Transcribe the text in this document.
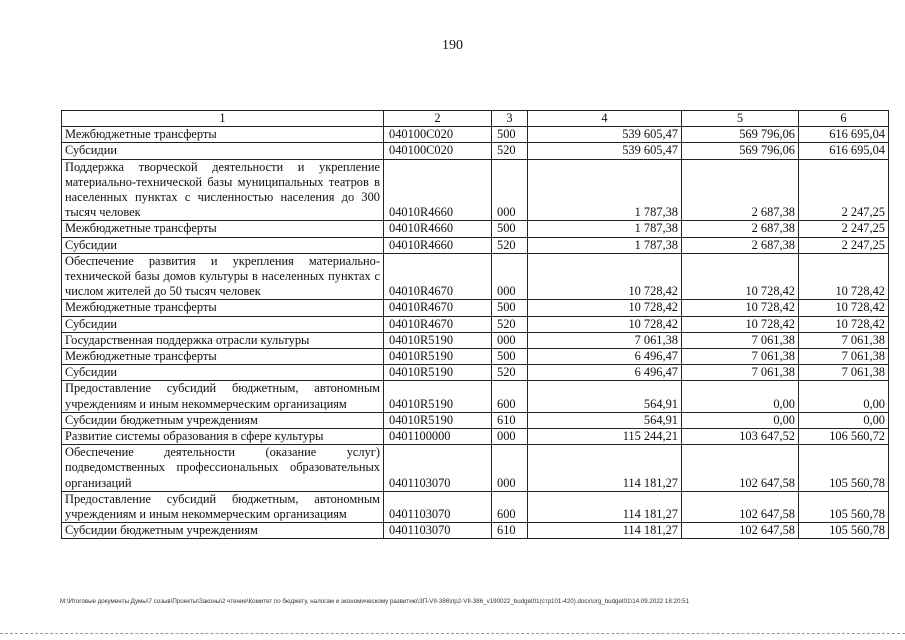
190
1	2	3	4	5	6
Межбюджетные трансферты	040100C020	500	539 605,47	569 796,06	616 695,04
Субсидии	040100C020	520	539 605,47	569 796,06	616 695,04
Поддержка творческой деятельности и укрепление материально-технической базы муниципальных театров в населенных пунктах с численностью населения до 300 тысяч человек	04010R4660	000	1 787,38	2 687,38	2 247,25
Межбюджетные трансферты	04010R4660	500	1 787,38	2 687,38	2 247,25
Субсидии	04010R4660	520	1 787,38	2 687,38	2 247,25
Обеспечение развития и укрепления материально-технической базы домов культуры в населенных пунктах с числом жителей до 50 тысяч человек	04010R4670	000	10 728,42	10 728,42	10 728,42
Межбюджетные трансферты	04010R4670	500	10 728,42	10 728,42	10 728,42
Субсидии	04010R4670	520	10 728,42	10 728,42	10 728,42
Государственная поддержка отрасли культуры	04010R5190	000	7 061,38	7 061,38	7 061,38
Межбюджетные трансферты	04010R5190	500	6 496,47	7 061,38	7 061,38
Субсидии	04010R5190	520	6 496,47	7 061,38	7 061,38
Предоставление субсидий бюджетным, автономным учреждениям и иным некоммерческим организациям	04010R5190	600	564,91	0,00	0,00
Субсидии бюджетным учреждениям	04010R5190	610	564,91	0,00	0,00
Развитие системы образования в сфере культуры	0401100000	000	115 244,21	103 647,52	106 560,72
Обеспечение деятельности (оказание услуг) подведомственных профессиональных образовательных организаций	0401103070	000	114 181,27	102 647,58	105 560,78
Предоставление субсидий бюджетным, автономным учреждениям и иным некоммерческим организациям	0401103070	600	114 181,27	102 647,58	105 560,78
Субсидии бюджетным учреждениям	0401103070	610	114 181,27	102 647,58	105 560,78
M:\Итоговые документы Думы\7 созыв\Проекты\Законы\2 чтение\Комитет по бюджету, налогам и экономическому развитию\ЗП-VII-386\пр2-VII-386_v190022_budget01(стр101-420).docx\org_budget01\14.09.2022 18:20:51
